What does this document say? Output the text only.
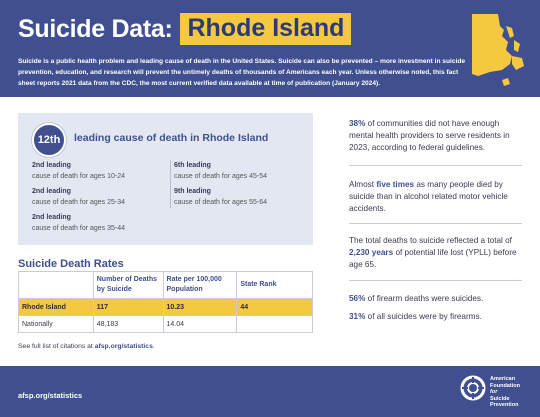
Suicide Data: Rhode Island
Suicide is a public health problem and leading cause of death in the United States. Suicide can also be prevented – more investment in suicide prevention, education, and research will prevent the untimely deaths of thousands of Americans each year. Unless otherwise noted, this fact sheet reports 2021 data from the CDC, the most current verified data available at time of publication (January 2024).
12th	leading cause of death in Rhode Island
2nd leading
cause of death for ages 10-24
2nd leading
cause of death for ages 25-34
2nd leading
cause of death for ages 35-44
6th leading
cause of death for ages 45-54
9th leading
cause of death for ages 55-64
Suicide Death Rates
	Number of Deaths by Suicide	Rate per 100,000 Population	State Rank
Rhode Island	117	10.23	44
Nationally	48,183	14.04	
See full list of citations at afsp.org/statistics.
38% of communities did not have enough mental health providers to serve residents in 2023, according to federal guidelines.
Almost five times as many people died by suicide than in alcohol related motor vehicle accidents.
The total deaths to suicide reflected a total of 2,230 years of potential life lost (YPLL) before age 65.
56% of firearm deaths were suicides.
31% of all suicides were by firearms.
afsp.org/statistics
American
Foundation
for
Suicide
Prevention
